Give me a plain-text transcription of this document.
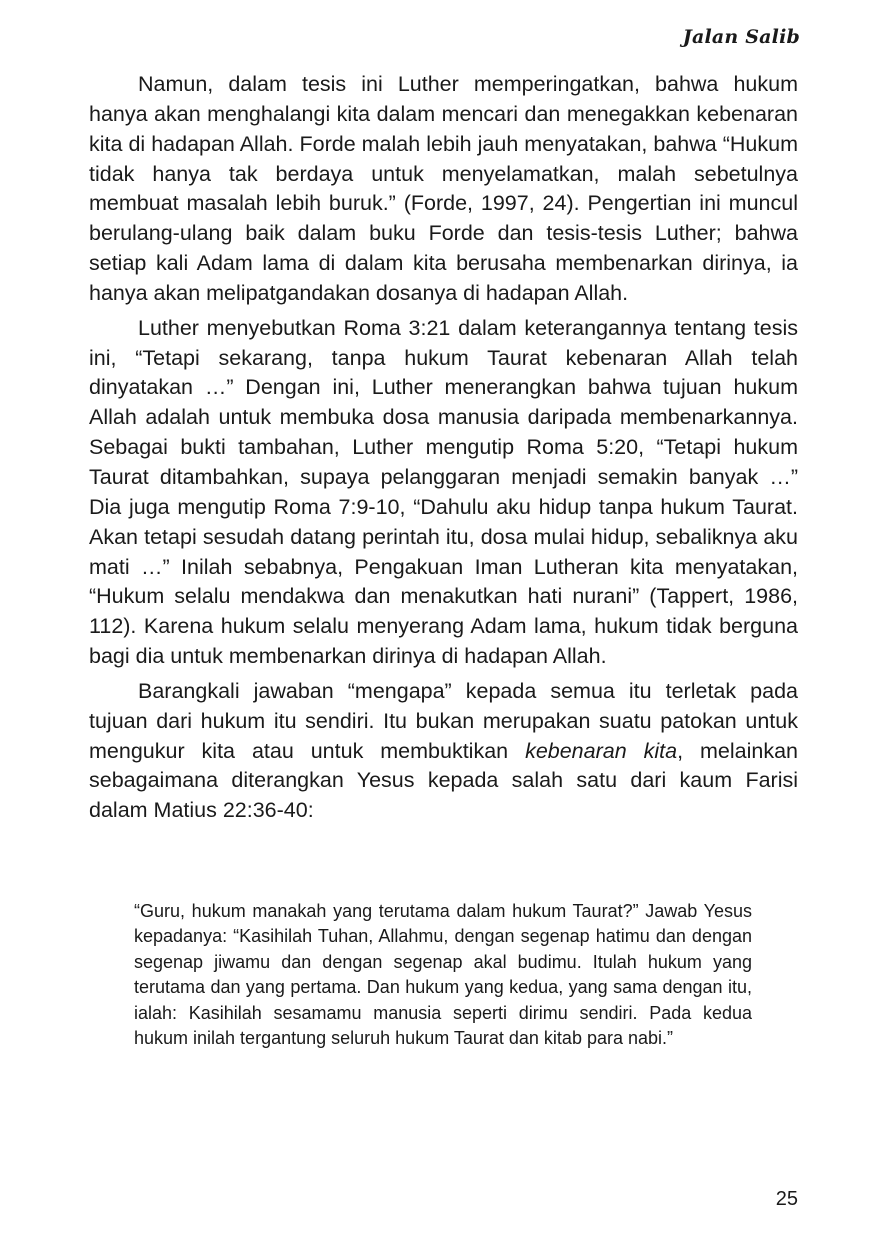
Jalan Salib

Namun, dalam tesis ini Luther memperingatkan, bahwa hukum hanya akan menghalangi kita dalam mencari dan menegakkan kebenaran kita di hadapan Allah. Forde malah lebih jauh menyatakan, bahwa “Hukum tidak hanya tak berdaya untuk menyelamatkan, malah sebetulnya membuat masalah lebih buruk.” (Forde, 1997, 24). Pengertian ini muncul berulang-ulang baik dalam buku Forde dan tesis-tesis Luther; bahwa setiap kali Adam lama di dalam kita berusaha membenarkan dirinya, ia hanya akan melipatgandakan dosanya di hadapan Allah.

Luther menyebutkan Roma 3:21 dalam keterangannya tentang tesis ini, “Tetapi sekarang, tanpa hukum Taurat kebenaran Allah telah dinyatakan …” Dengan ini, Luther menerangkan bahwa tujuan hukum Allah adalah untuk membuka dosa manusia daripada membenarkannya. Sebagai bukti tambahan, Luther mengutip Roma 5:20, “Tetapi hukum Taurat ditambahkan, supaya pelanggaran menjadi semakin banyak …” Dia juga mengutip Roma 7:9-10, “Dahulu aku hidup tanpa hukum Taurat. Akan tetapi sesudah datang perintah itu, dosa mulai hidup, sebaliknya aku mati …” Inilah sebabnya, Pengakuan Iman Lutheran kita menyatakan, “Hukum selalu mendakwa dan menakutkan hati nurani” (Tappert, 1986, 112). Karena hukum selalu menyerang Adam lama, hukum tidak berguna bagi dia untuk membenarkan dirinya di hadapan Allah.

Barangkali jawaban “mengapa” kepada semua itu terletak pada tujuan dari hukum itu sendiri. Itu bukan merupakan suatu patokan untuk mengukur kita atau untuk membuktikan kebenaran kita, melainkan sebagaimana diterangkan Yesus kepada salah satu dari kaum Farisi dalam Matius 22:36-40:

“Guru, hukum manakah yang terutama dalam hukum Taurat?” Jawab Yesus kepadanya: “Kasihilah Tuhan, Allahmu, dengan segenap hatimu dan dengan segenap jiwamu dan dengan segenap akal budimu. Itulah hukum yang terutama dan yang pertama. Dan hukum yang kedua, yang sama dengan itu, ialah: Kasihilah sesamamu manusia seperti dirimu sendiri. Pada kedua hukum inilah tergantung seluruh hukum Taurat dan kitab para nabi.”
25
